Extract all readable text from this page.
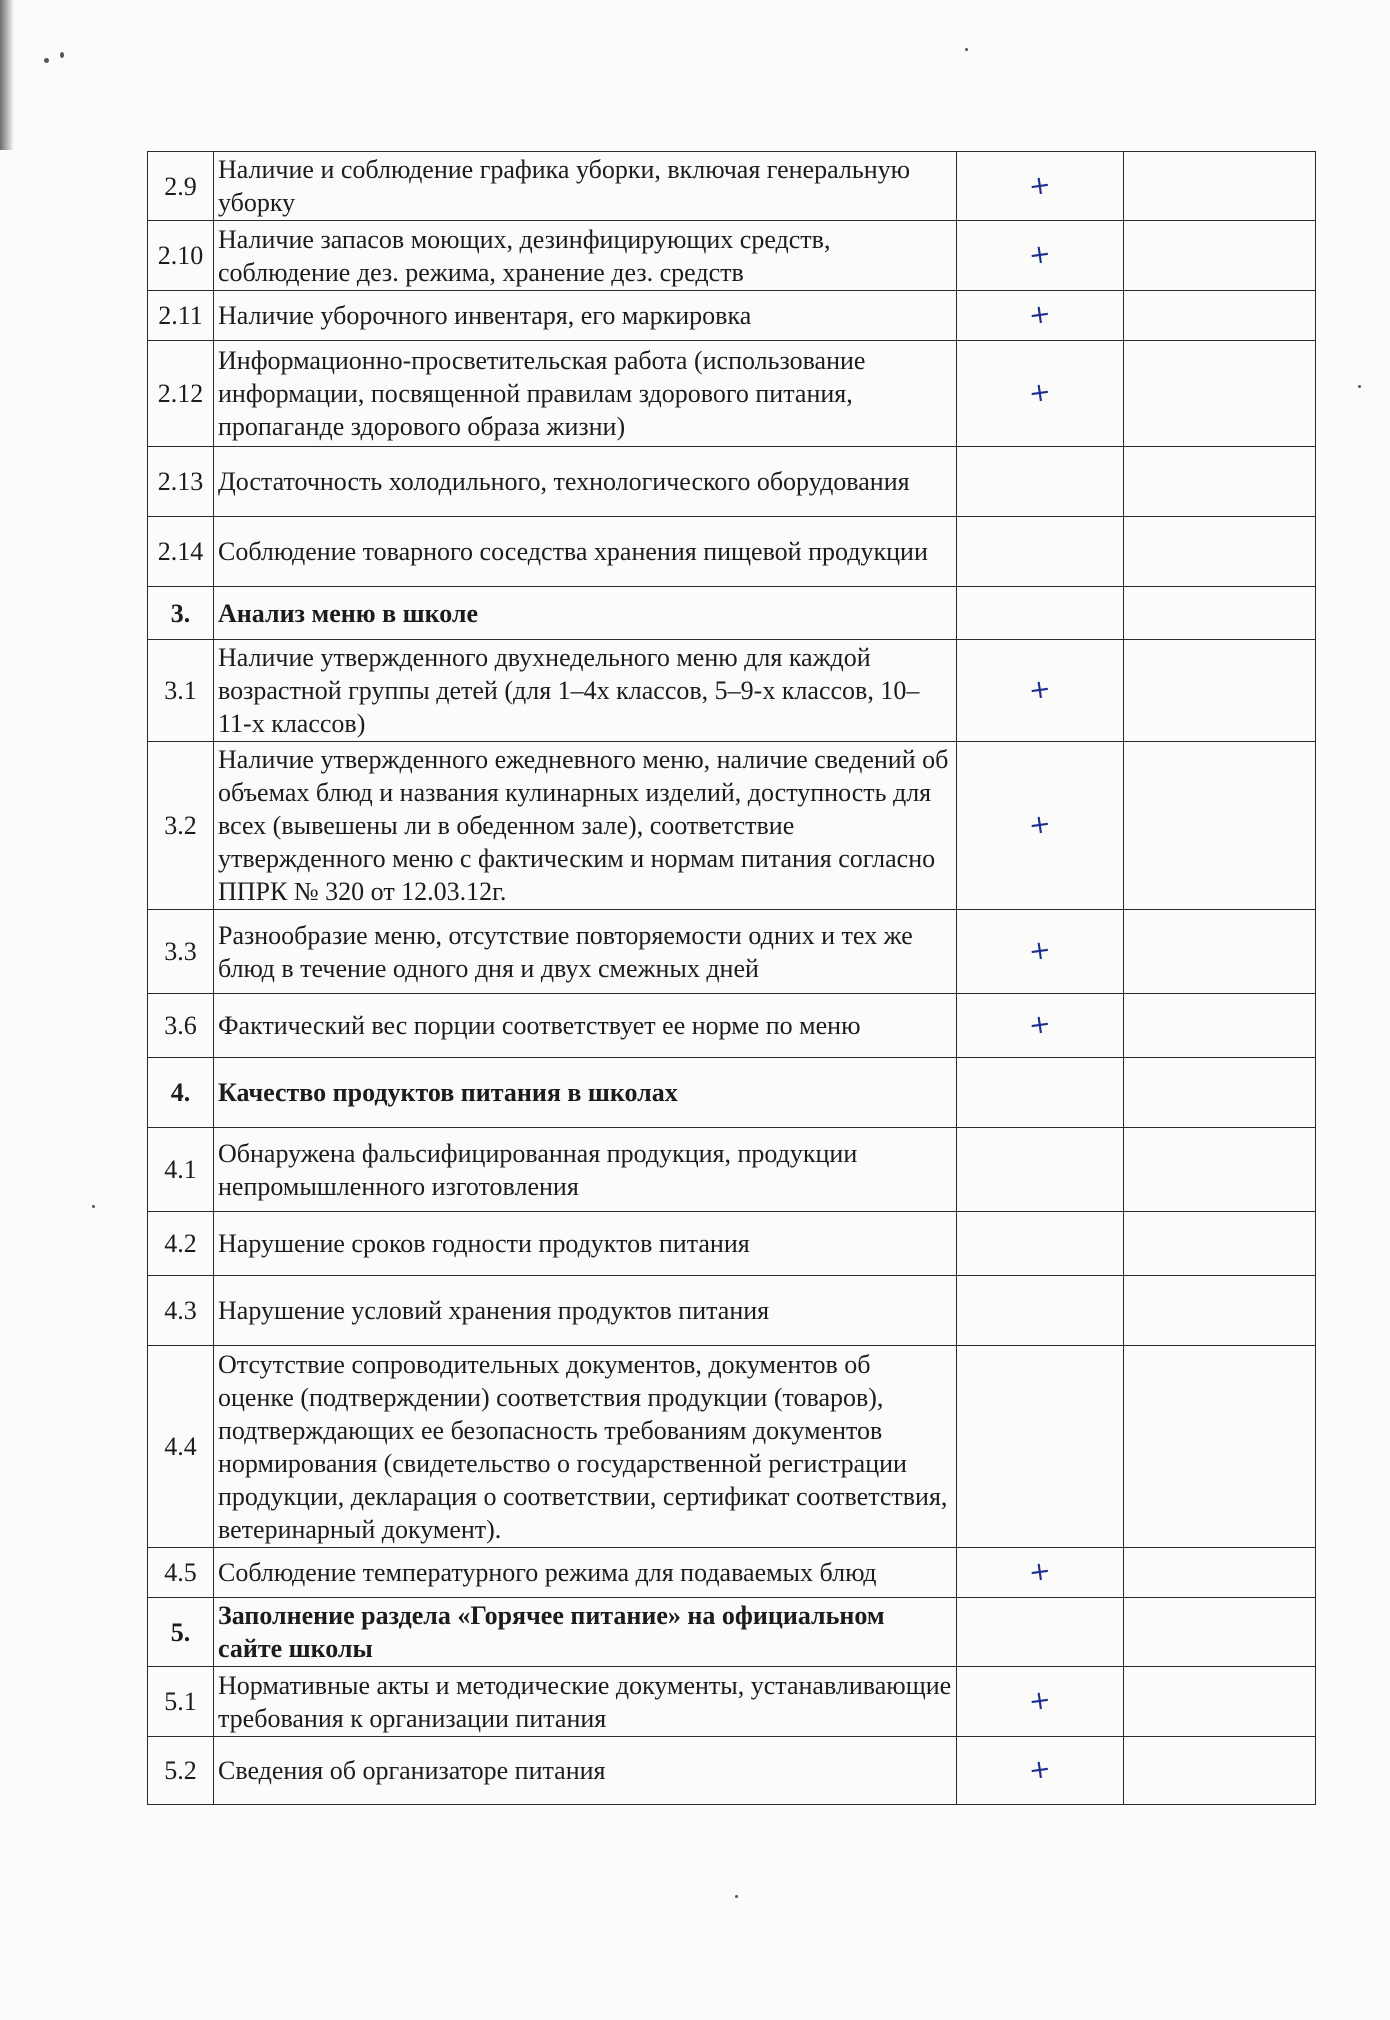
2.9	Наличие и соблюдение графика уборки, включая генеральную уборку	+	
2.10	Наличие запасов моющих, дезинфицирующих средств, соблюдение дез. режима, хранение дез. средств	+	
2.11	Наличие уборочного инвентаря, его маркировка	+	
2.12	Информационно-просветительская работа (использование информации, посвященной правилам здорового питания, пропаганде здорового образа жизни)	+	
2.13	Достаточность холодильного, технологического оборудования		
2.14	Соблюдение товарного соседства хранения пищевой продукции		
3.	Анализ меню в школе		
3.1	Наличие утвержденного двухнедельного меню для каждой возрастной группы детей (для 1–4х классов, 5–9-х классов, 10–11-х классов)	+	
3.2	Наличие утвержденного ежедневного меню, наличие сведений об объемах блюд и названия кулинарных изделий, доступность для всех (вывешены ли в обеденном зале), соответствие утвержденного меню с фактическим и нормам питания согласно ППРК № 320 от 12.03.12г.	+	
3.3	Разнообразие меню, отсутствие повторяемости одних и тех же блюд в течение одного дня и двух смежных дней	+	
3.6	Фактический вес порции соответствует ее норме по меню	+	
4.	Качество продуктов питания в школах		
4.1	Обнаружена фальсифицированная продукция, продукции непромышленного изготовления		
4.2	Нарушение сроков годности продуктов питания		
4.3	Нарушение условий хранения продуктов питания		
4.4	Отсутствие сопроводительных документов, документов об оценке (подтверждении) соответствия продукции (товаров), подтверждающих ее безопасность требованиям документов нормирования (свидетельство о государственной регистрации продукции, декларация о соответствии, сертификат соответствия, ветеринарный документ).		
4.5	Соблюдение температурного режима для подаваемых блюд	+	
5.	Заполнение раздела «Горячее питание» на официальном сайте школы		
5.1	Нормативные акты и методические документы, устанавливающие требования к организации питания	+	
5.2	Сведения об организаторе питания	+	
